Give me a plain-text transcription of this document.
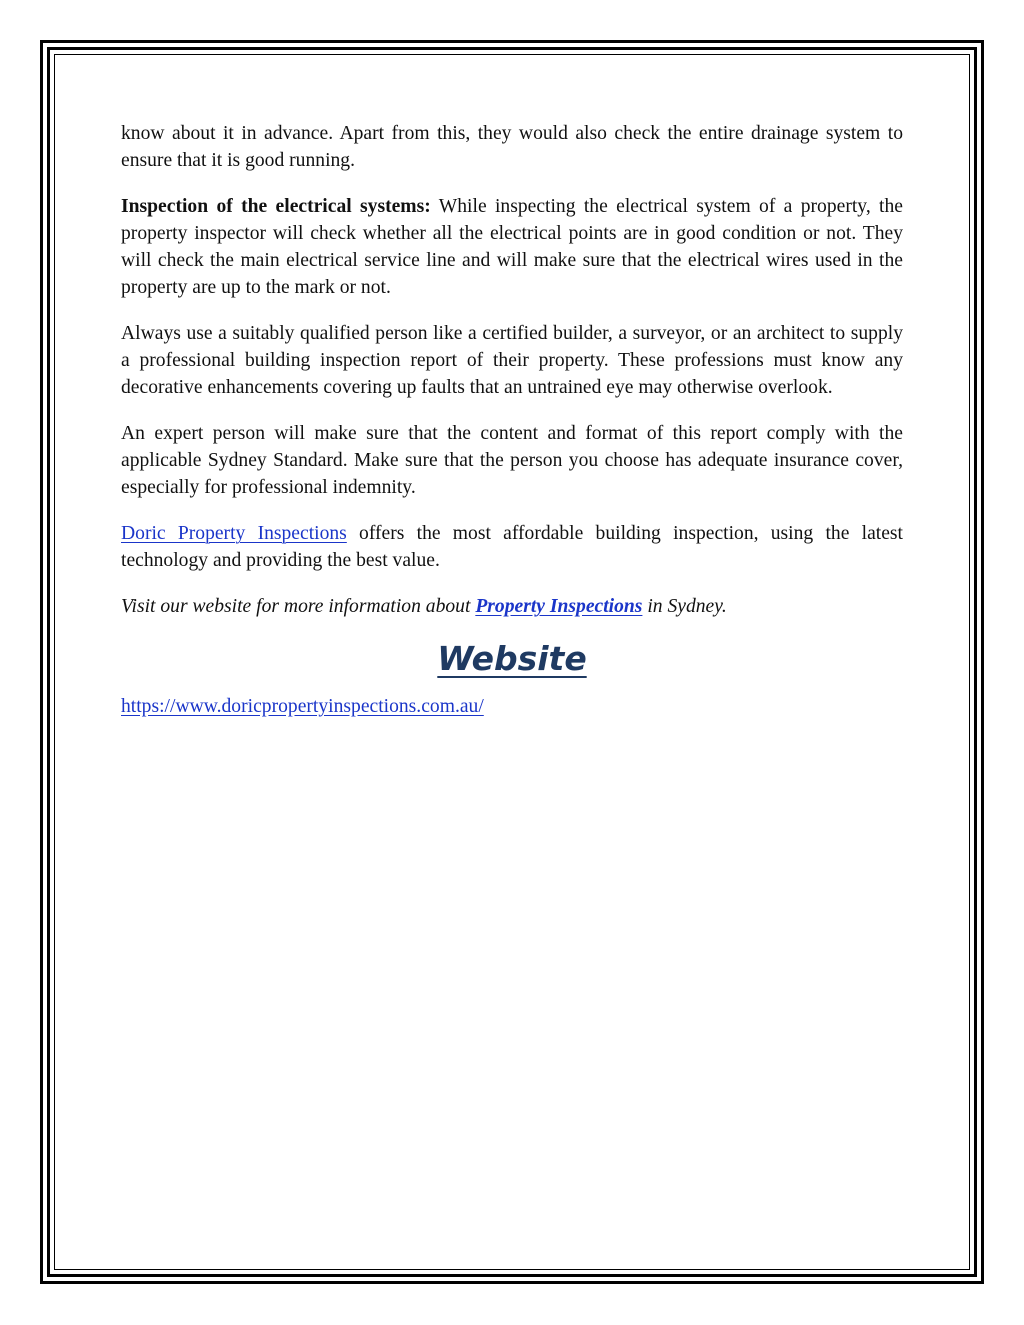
know about it in advance. Apart from this, they would also check the entire drainage system to ensure that it is good running.

Inspection of the electrical systems: While inspecting the electrical system of a property, the property inspector will check whether all the electrical points are in good condition or not. They will check the main electrical service line and will make sure that the electrical wires used in the property are up to the mark or not.

Always use a suitably qualified person like a certified builder, a surveyor, or an architect to supply a professional building inspection report of their property. These professions must know any decorative enhancements covering up faults that an untrained eye may otherwise overlook.

An expert person will make sure that the content and format of this report comply with the applicable Sydney Standard. Make sure that the person you choose has adequate insurance cover, especially for professional indemnity.

Doric Property Inspections offers the most affordable building inspection, using the latest technology and providing the best value.

Visit our website for more information about Property Inspections in Sydney.

Website

https://www.doricpropertyinspections.com.au/
